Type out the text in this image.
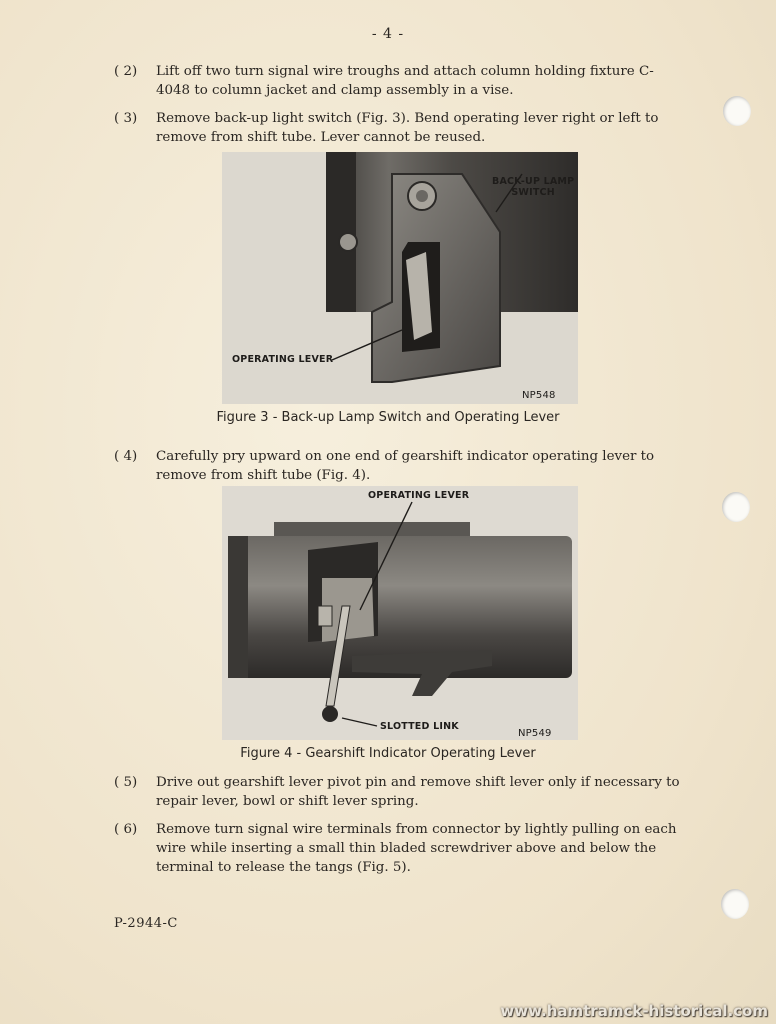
- 4 -
( 2) Lift off two turn signal wire troughs and attach column holding fixture C-4048 to column jacket and clamp assembly in a vise.
( 3) Remove back-up light switch (Fig. 3). Bend operating lever right or left to remove from shift tube. Lever cannot be reused.
BACK-UP LAMP
SWITCH
OPERATING LEVER
NP548
Figure 3 - Back-up Lamp Switch and Operating Lever
( 4) Carefully pry upward on one end of gearshift indicator operating lever to remove from shift tube (Fig. 4).
OPERATING LEVER
SLOTTED LINK
NP549
Figure 4 - Gearshift Indicator Operating Lever
( 5) Drive out gearshift lever pivot pin and remove shift lever only if necessary to repair lever, bowl or shift lever spring.
( 6) Remove turn signal wire terminals from connector by lightly pulling on each wire while inserting a small thin bladed screwdriver above and below the terminal to release the tangs (Fig. 5).
P-2944-C
www.hamtramck-historical.com
